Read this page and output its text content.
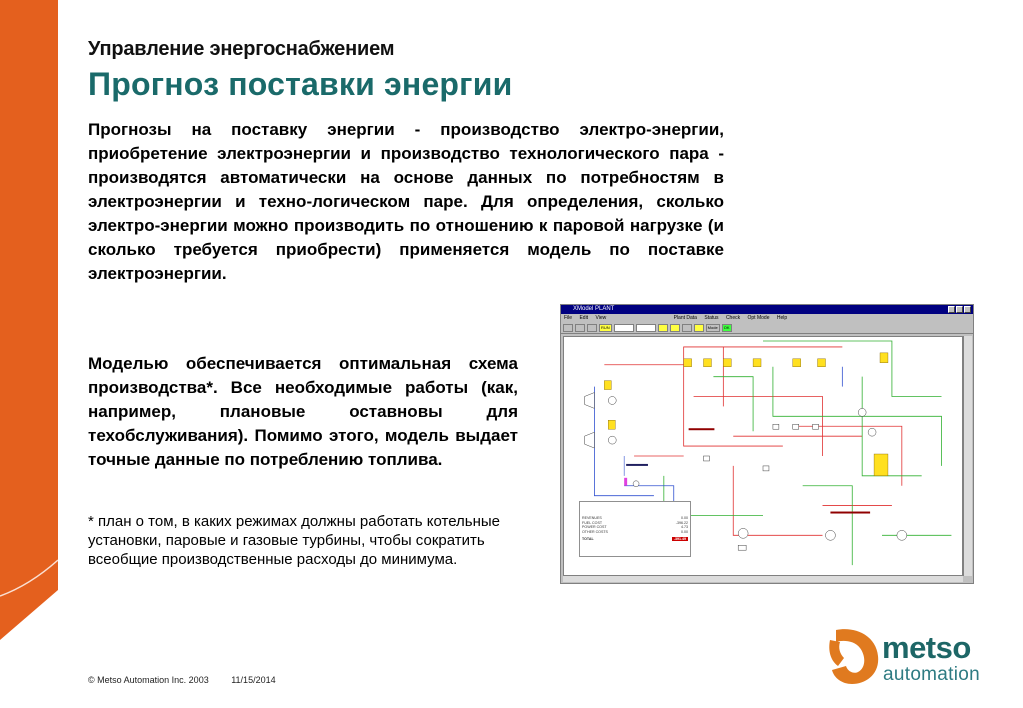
Управление энергоснабжением
Прогноз поставки энергии

Прогнозы на поставку энергии - производство электро-энергии, приобретение электроэнергии и производство технологического пара - производятся автоматически на основе данных по потребностям в электроэнергии и техно-логическом паре. Для определения, сколько электро-энергии можно производить по отношению к паровой нагрузке (и сколько требуется приобрести) применяется модель по поставке электроэнергии.

Моделью обеспечивается оптимальная схема производства*. Все необходимые работы (как, например, плановые оставновы для техобслуживания). Помимо этого, модель выдает точные данные по потреблению топлива.

* план о том, в каких режимах должны работать котельные установки, паровые и газовые турбины, чтобы сократить всеобщие производственные расходы до минимума.

XModel PLANT
File Edit View	Plant Data Status Check Opt Mode Help
RUN	Mode	OK

REVENUES	0.00
FUEL COST	-396.22
POWER COST	4.73
OTHER COSTS	0.00
TOTAL	-391.49
© Metso Automation Inc. 2003	11/15/2014
metso
automation
